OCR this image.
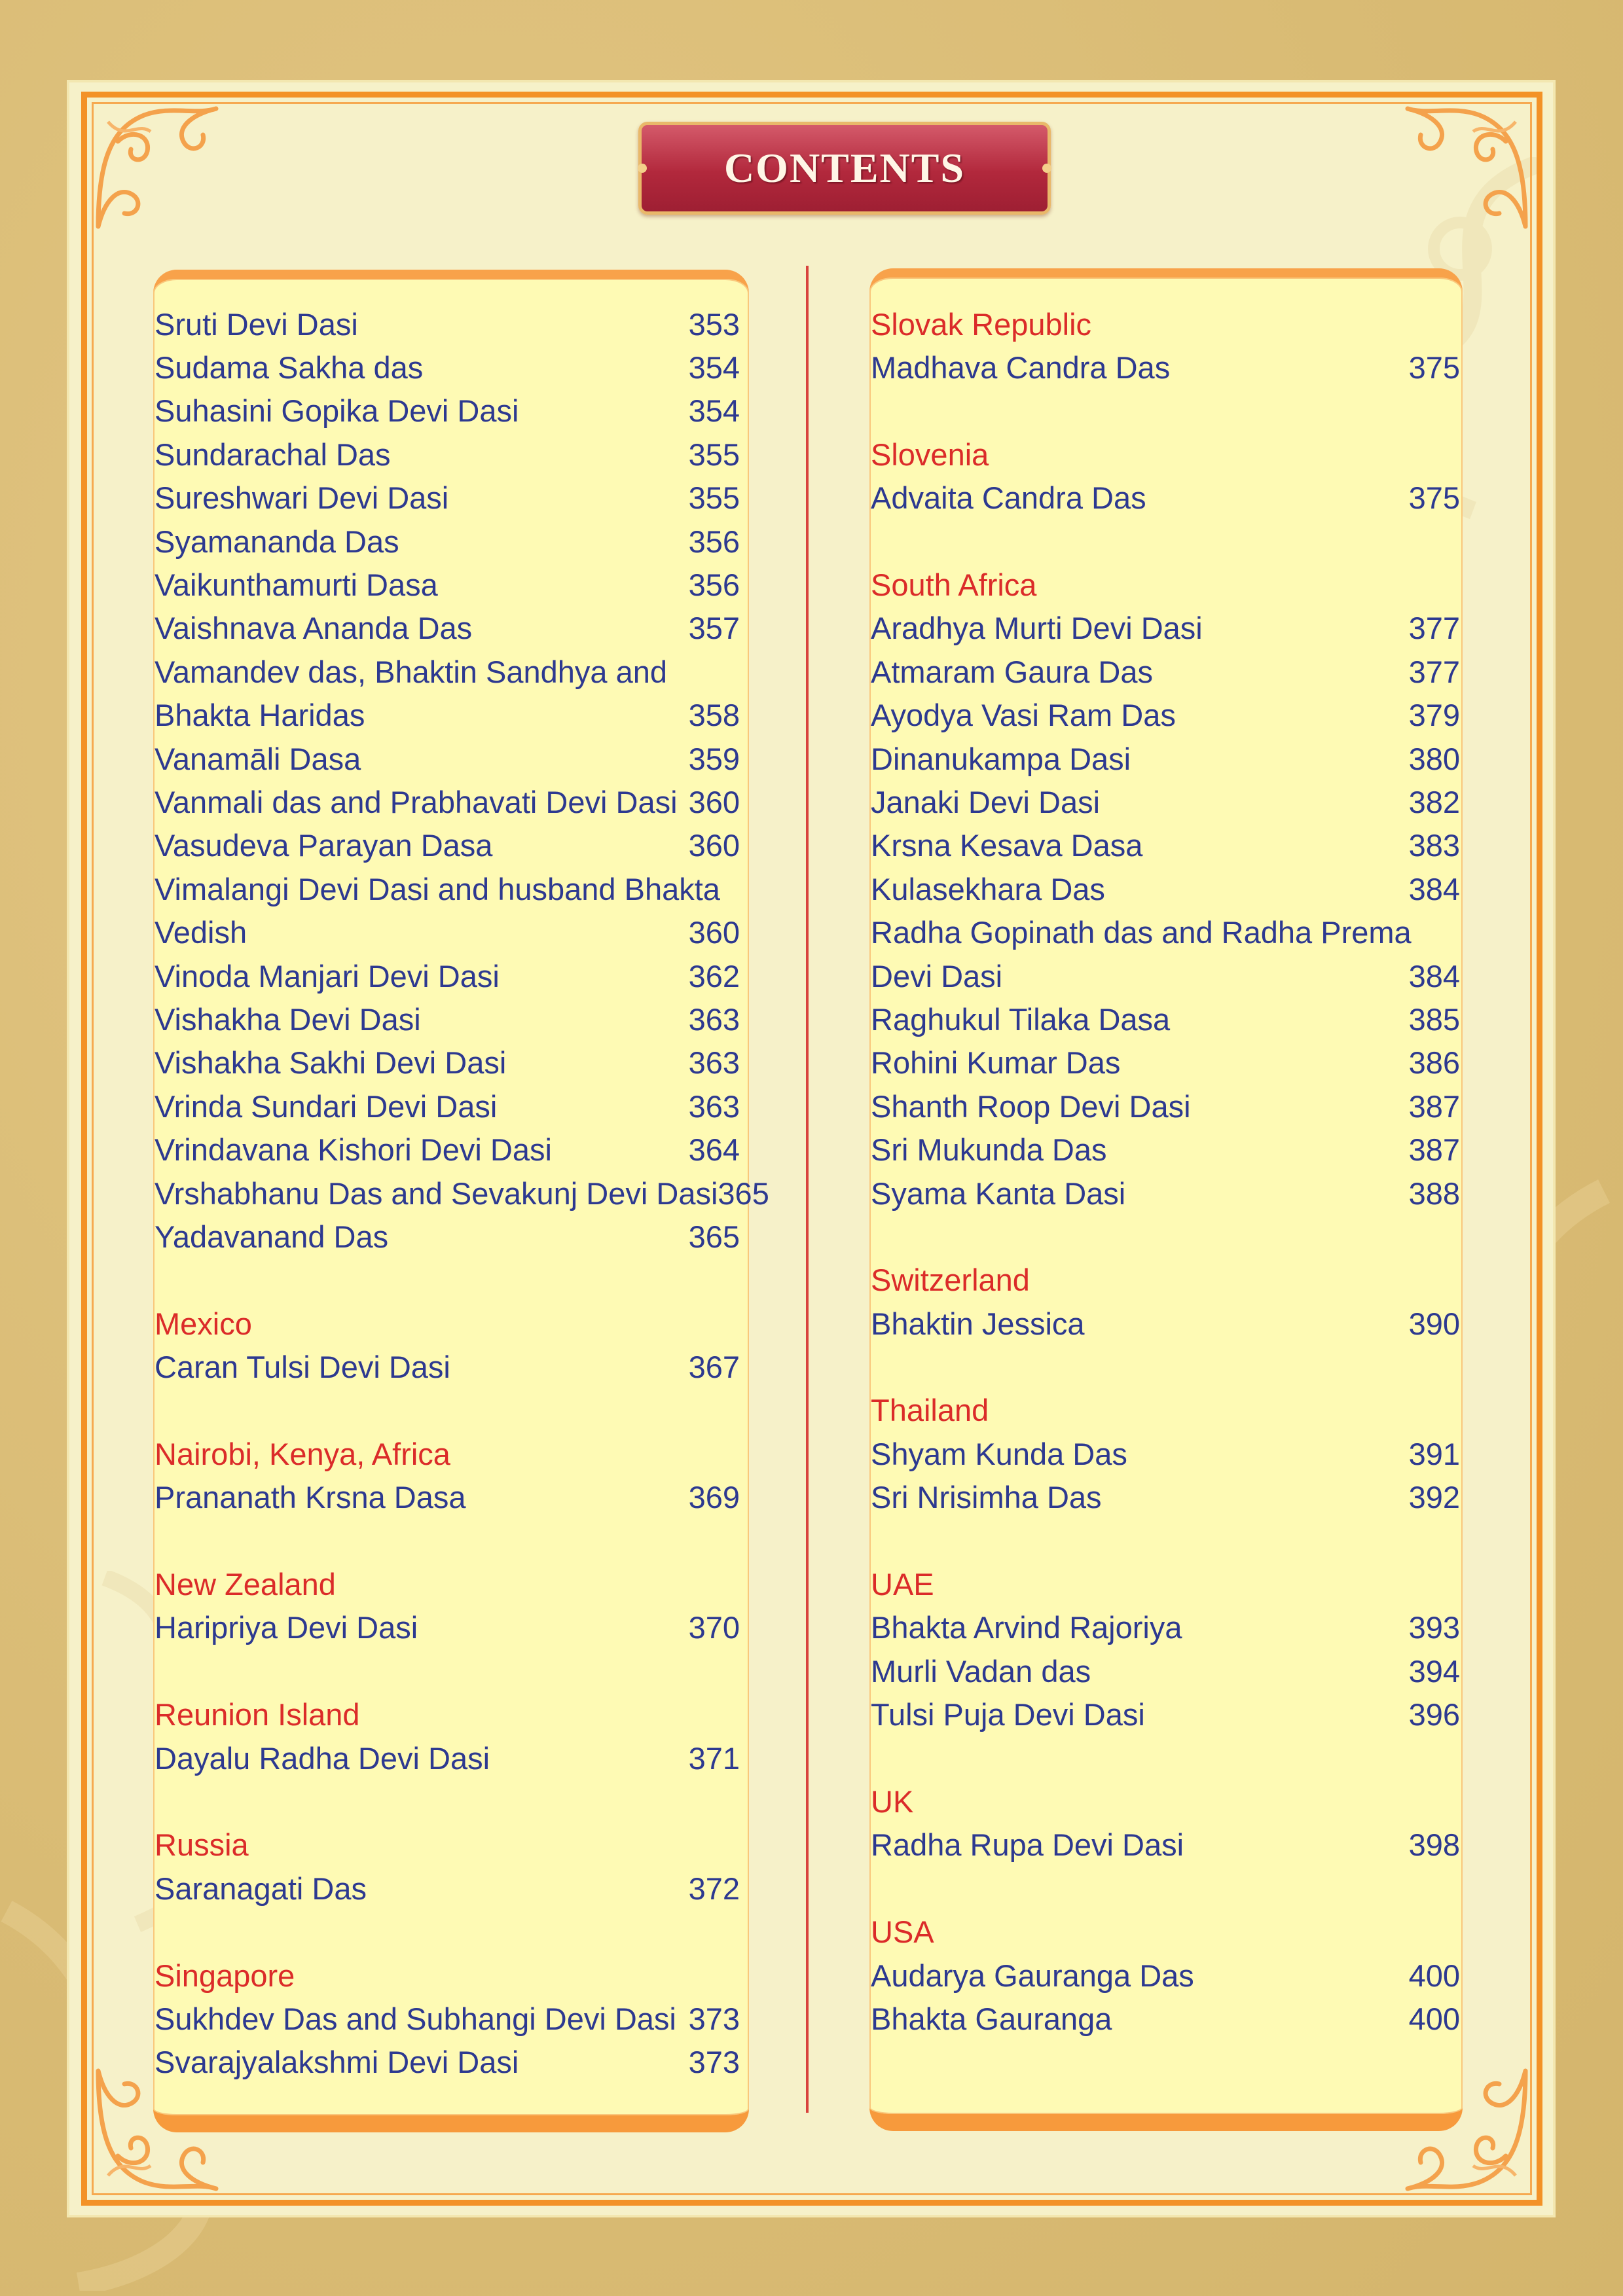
CONTENTS
Sruti Devi Dasi	353
Sudama Sakha das	354
Suhasini Gopika Devi Dasi	354
Sundarachal Das	355
Sureshwari Devi Dasi	355
Syamananda Das	356
Vaikunthamurti Dasa	356
Vaishnava Ananda Das	357
Vamandev das, Bhaktin Sandhya and
Bhakta Haridas	358
Vanamāli Dasa	359
Vanmali das and Prabhavati Devi Dasi 360
Vasudeva Parayan Dasa	360
Vimalangi Devi Dasi and husband Bhakta
Vedish	360
Vinoda Manjari Devi Dasi	362
Vishakha Devi Dasi	363
Vishakha Sakhi Devi Dasi	363
Vrinda Sundari Devi Dasi	363
Vrindavana Kishori Devi Dasi	364
Vrshabhanu Das and Sevakunj Devi Dasi 365
Yadavanand Das	365
Mexico
Caran Tulsi Devi Dasi	367
Nairobi, Kenya, Africa
Prananath Krsna Dasa	369
New Zealand
Haripriya Devi Dasi	370
Reunion Island
Dayalu Radha Devi Dasi	371
Russia
Saranagati Das	372
Singapore
Sukhdev Das and Subhangi Devi Dasi 373
Svarajyalakshmi Devi Dasi	373
Slovak Republic
Madhava Candra Das	375
Slovenia
Advaita Candra Das	375
South Africa
Aradhya Murti Devi Dasi	377
Atmaram Gaura Das	377
Ayodya Vasi Ram Das	379
Dinanukampa Dasi	380
Janaki Devi Dasi	382
Krsna Kesava Dasa	383
Kulasekhara Das	384
Radha Gopinath das and Radha Prema
Devi Dasi	384
Raghukul Tilaka Dasa	385
Rohini Kumar Das	386
Shanth Roop Devi Dasi	387
Sri Mukunda Das	387
Syama Kanta Dasi	388
Switzerland
Bhaktin Jessica	390
Thailand
Shyam Kunda Das	391
Sri Nrisimha Das	392
UAE
Bhakta Arvind Rajoriya	393
Murli Vadan das	394
Tulsi Puja Devi Dasi	396
UK
Radha Rupa Devi Dasi	398
USA
Audarya Gauranga Das	400
Bhakta Gauranga	400
